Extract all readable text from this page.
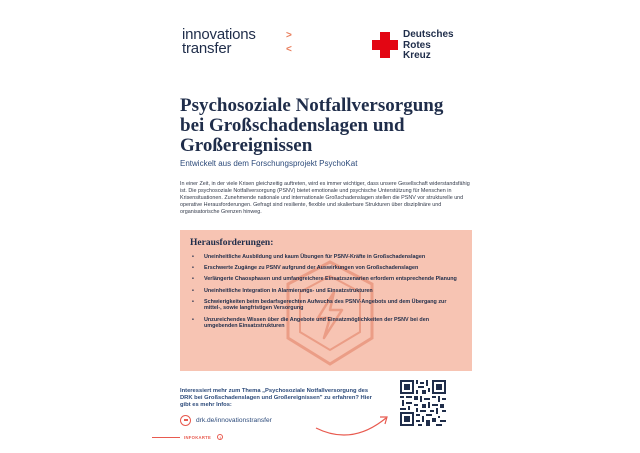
innovations
transfer
><
Deutsches
Rotes
Kreuz
Psychosoziale Notfallversorgung bei Großschadenslagen und Großereignissen
Entwickelt aus dem Forschungsprojekt PsychoKat

In einer Zeit, in der viele Krisen gleichzeitig auftreten, wird es immer wichtiger, dass unsere Gesellschaft widerstandsfähig ist. Die psychosoziale Notfallversorgung (PSNV) bietet emotionale und psychische Unterstützung für Menschen in Krisensituationen. Zunehmende nationale und internationale Großschadenslagen stellen die PSNV vor strukturelle und operative Herausforderungen. Gefragt sind resiliente, flexible und skalierbare Strukturen über disziplinäre und organisatorische Grenzen hinweg.

Herausforderungen:
• Uneinheitliche Ausbildung und kaum Übungen für PSNV-Kräfte in Großschadenslagen
• Erschwerte Zugänge zu PSNV aufgrund der Auswirkungen von Großschadenslagen
• Verlängerte Chaosphasen und umfangreichere Einsatzszenarien erfordern entsprechende Planung
• Uneinheitliche Integration in Alarmierungs- und Einsatzstrukturen
• Schwierigkeiten beim bedarfsgerechten Aufwuchs des PSNV-Angebots und dem Übergang zur mittel-, sowie langfristigen Versorgung
• Unzureichendes Wissen über die Angebote und Einsatzmöglichkeiten der PSNV bei den umgebenden Einsatzstrukturen

Interessiert mehr zum Thema „Psychosoziale Notfallversorgung des DRK bei Großschadenslagen und Großereignissen" zu erfahren? Hier gibt es mehr Infos:

drk.de/innovationstransfer
INFOKARTE	i
